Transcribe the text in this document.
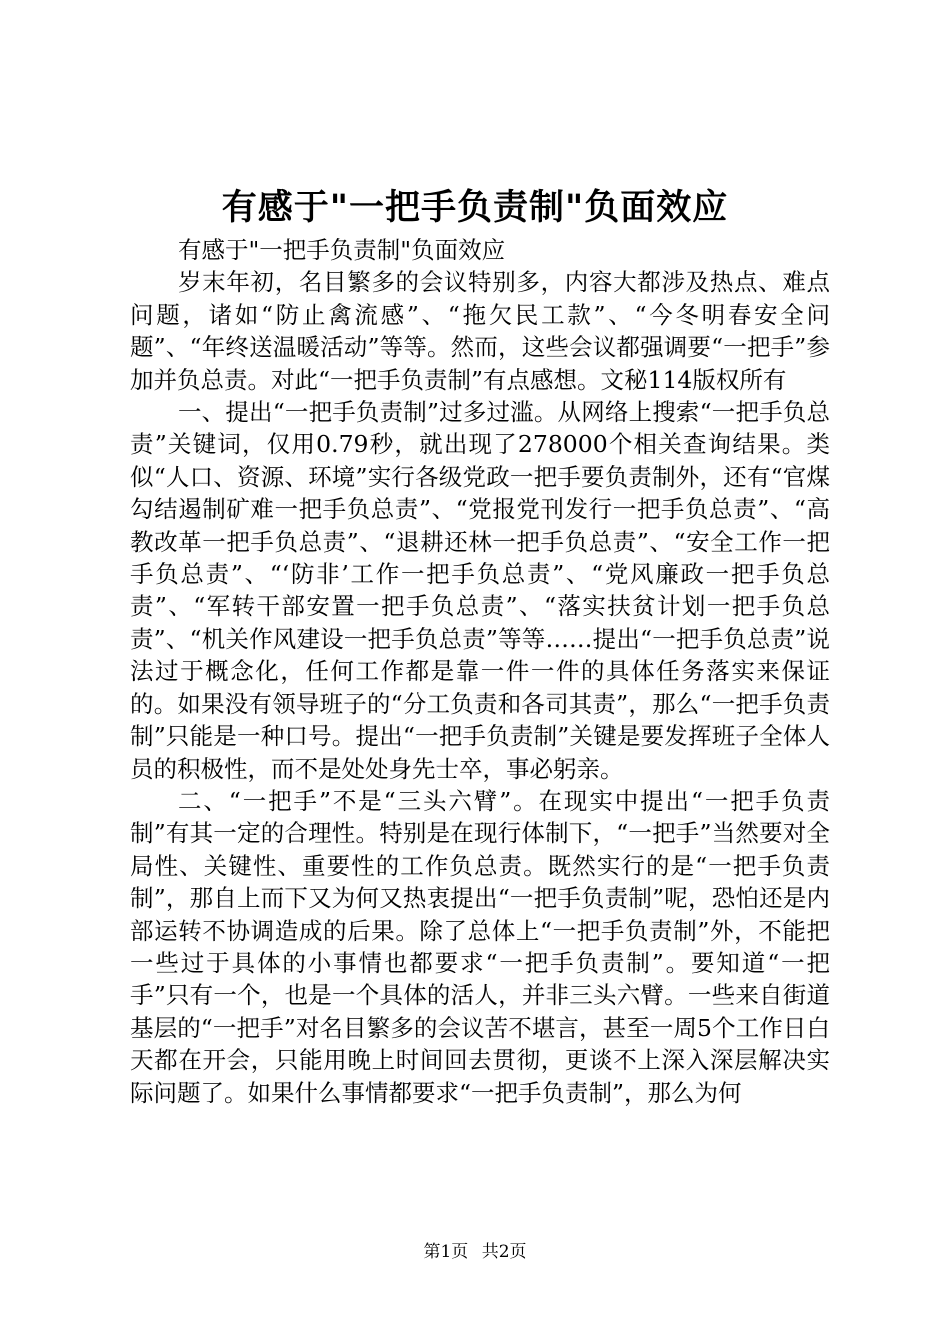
有感于"一把手负责制"负面效应

有感于"一把手负责制"负面效应

岁末年初，名目繁多的会议特别多，内容大都涉及热点、难点问题，诸如“防止禽流感”、“拖欠民工款”、“今冬明春安全问题”、“年终送温暖活动”等等。然而，这些会议都强调要“一把手”参加并负总责。对此“一把手负责制”有点感想。文秘114版权所有

一、提出“一把手负责制”过多过滥。从网络上搜索“一把手负总责”关键词，仅用0.79秒，就出现了278000个相关查询结果。类似“人口、资源、环境”实行各级党政一把手要负责制外，还有“官煤勾结遏制矿难一把手负总责”、“党报党刊发行一把手负总责”、“高教改革一把手负总责”、“退耕还林一把手负总责”、“安全工作一把手负总责”、“‘防非’工作一把手负总责”、“党风廉政一把手负总责”、“军转干部安置一把手负总责”、“落实扶贫计划一把手负总责”、“机关作风建设一把手负总责”等等……提出“一把手负总责”说法过于概念化，任何工作都是靠一件一件的具体任务落实来保证的。如果没有领导班子的“分工负责和各司其责”，那么“一把手负责制”只能是一种口号。提出“一把手负责制”关键是要发挥班子全体人员的积极性，而不是处处身先士卒，事必躬亲。

二、“一把手”不是“三头六臂”。在现实中提出“一把手负责制”有其一定的合理性。特别是在现行体制下，“一把手”当然要对全局性、关键性、重要性的工作负总责。既然实行的是“一把手负责制”，那自上而下又为何又热衷提出“一把手负责制”呢，恐怕还是内部运转不协调造成的后果。除了总体上“一把手负责制”外，不能把一些过于具体的小事情也都要求“一把手负责制”。要知道“一把手”只有一个，也是一个具体的活人，并非三头六臂。一些来自街道基层的“一把手”对名目繁多的会议苦不堪言，甚至一周5个工作日白天都在开会，只能用晚上时间回去贯彻，更谈不上深入深层解决实际问题了。如果什么事情都要求“一把手负责制”，那么为何

第1页 共2页
